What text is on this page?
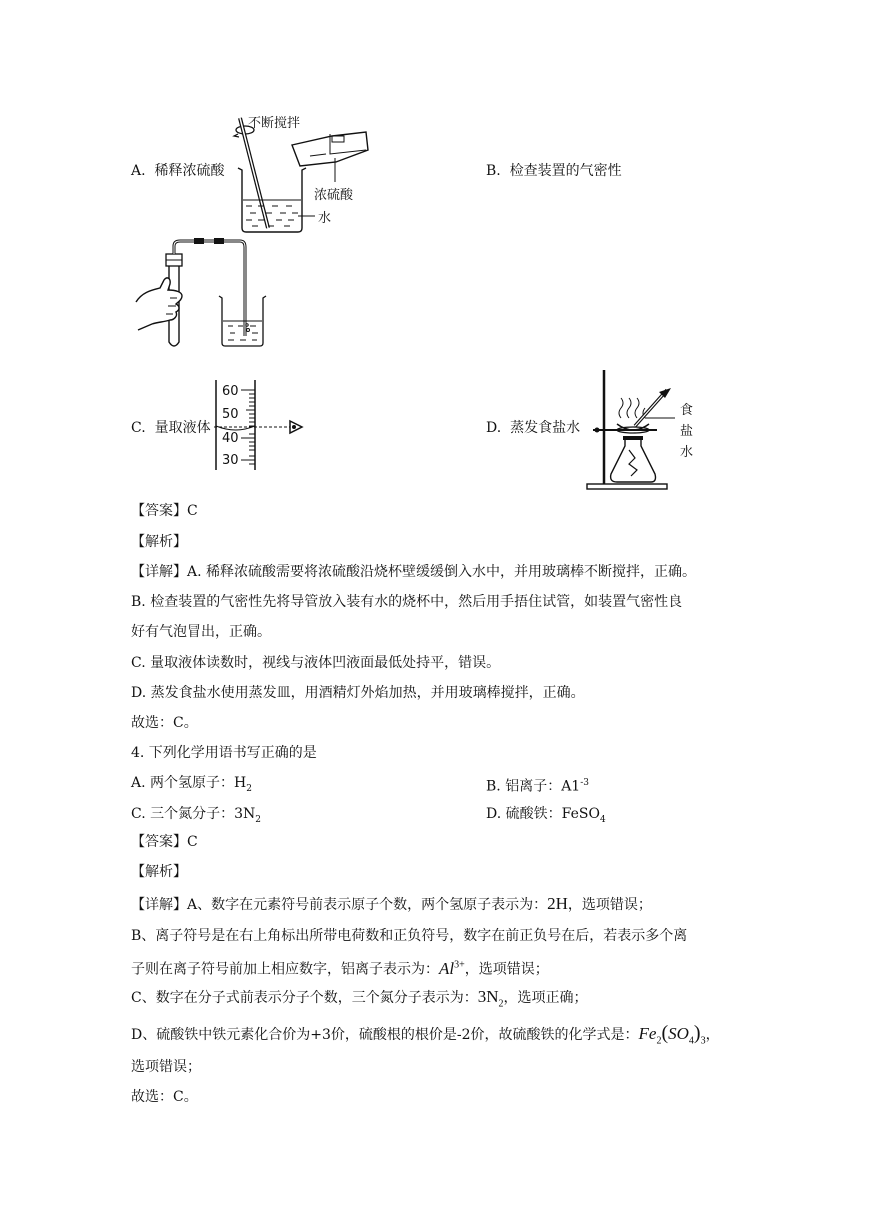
A. 稀释浓硫酸
不断搅拌
浓硫酸
水
B. 检查装置的气密性
C. 量取液体
60
50
40
30
D. 蒸发食盐水
食
盐
水
【答案】C
【解析】
【详解】A. 稀释浓硫酸需要将浓硫酸沿烧杯壁缓缓倒入水中，并用玻璃棒不断搅拌，正确。
B. 检查装置的气密性先将导管放入装有水的烧杯中，然后用手捂住试管，如装置气密性良
好有气泡冒出，正确。
C. 量取液体读数时，视线与液体凹液面最低处持平，错误。
D. 蒸发食盐水使用蒸发皿，用酒精灯外焰加热，并用玻璃棒搅拌，正确。
故选：C。
4. 下列化学用语书写正确的是
A. 两个氢原子：$H_2$	B. 铝离子：$A1^{-3}$
C. 三个氮分子：$3N_2$	D. 硫酸铁：FeSO$_4$
【答案】C
【解析】
【详解】A、数字在元素符号前表示原子个数，两个氢原子表示为：2H，选项错误；
B、离子符号是在右上角标出所带电荷数和正负符号，数字在前正负号在后，若表示多个离
子则在离子符号前加上相应数字，铝离子表示为：$Al^{3+}$，选项错误；
C、数字在分子式前表示分子个数，三个氮分子表示为：$3N_2$，选项正确；
D、硫酸铁中铁元素化合价为+3价，硫酸根的根价是-2价，故硫酸铁的化学式是：$Fe_2(SO_4)_3$，
选项错误；
故选：C。
